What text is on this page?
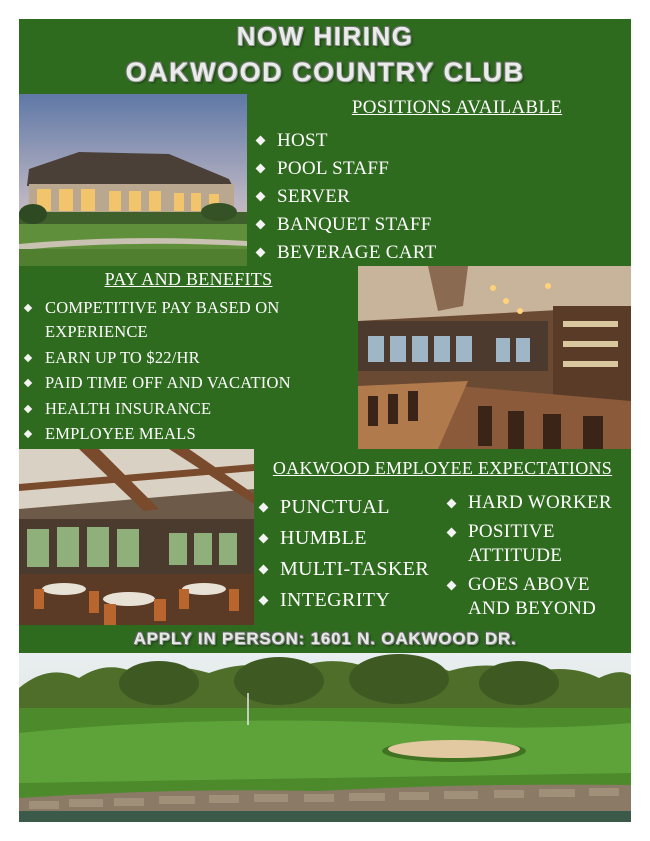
NOW HIRING
OAKWOOD COUNTRY CLUB
POSITIONS AVAILABLE
HOST
POOL STAFF
SERVER
BANQUET STAFF
BEVERAGE CART
PAY AND BENEFITS
COMPETITIVE PAY BASED ON EXPERIENCE
EARN UP TO $22/HR
PAID TIME OFF AND VACATION
HEALTH INSURANCE
EMPLOYEE MEALS
OAKWOOD EMPLOYEE EXPECTATIONS
PUNCTUAL
HUMBLE
MULTI-TASKER
INTEGRITY
HARD WORKER
POSITIVE ATTITUDE
GOES ABOVE AND BEYOND
APPLY IN PERSON: 1601 N. OAKWOOD DR.
